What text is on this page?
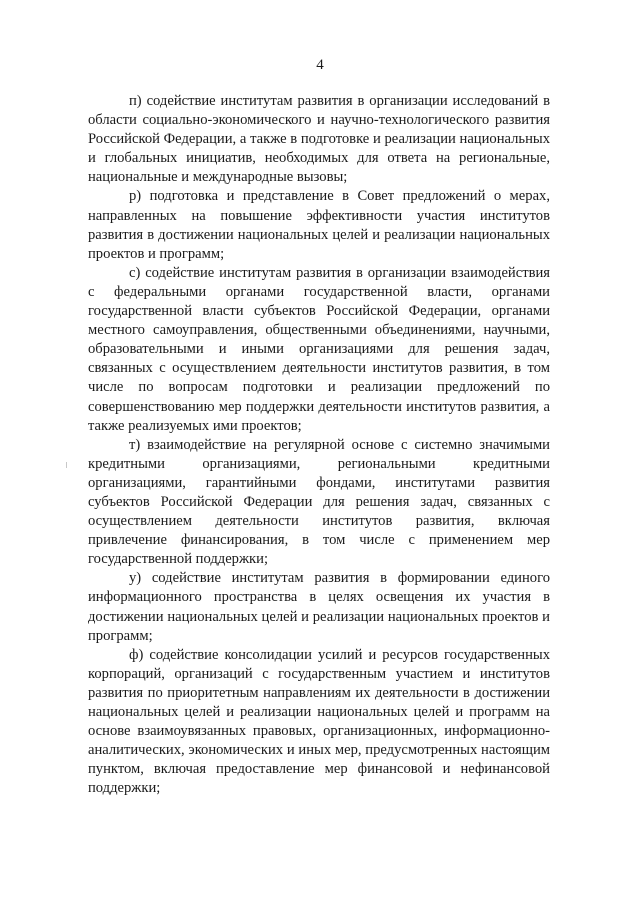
4

п) содействие институтам развития в организации исследований в области социально-экономического и научно-технологического развития Российской Федерации, а также в подготовке и реализации национальных и глобальных инициатив, необходимых для ответа на региональные, национальные и международные вызовы;

р) подготовка и представление в Совет предложений о мерах, направленных на повышение эффективности участия институтов развития в достижении национальных целей и реализации национальных проектов и программ;

с) содействие институтам развития в организации взаимодействия с федеральными органами государственной власти, органами государственной власти субъектов Российской Федерации, органами местного самоуправления, общественными объединениями, научными, образовательными и иными организациями для решения задач, связанных с осуществлением деятельности институтов развития, в том числе по вопросам подготовки и реализации предложений по совершенствованию мер поддержки деятельности институтов развития, а также реализуемых ими проектов;

т) взаимодействие на регулярной основе с системно значимыми кредитными организациями, региональными кредитными организациями, гарантийными фондами, институтами развития субъектов Российской Федерации для решения задач, связанных с осуществлением деятельности институтов развития, включая привлечение финансирования, в том числе с применением мер государственной поддержки;

у) содействие институтам развития в формировании единого информационного пространства в целях освещения их участия в достижении национальных целей и реализации национальных проектов и программ;

ф) содействие консолидации усилий и ресурсов государственных корпораций, организаций с государственным участием и институтов развития по приоритетным направлениям их деятельности в достижении национальных целей и реализации национальных целей и программ на основе взаимоувязанных правовых, организационных, информационно-аналитических, экономических и иных мер, предусмотренных настоящим пунктом, включая предоставление мер финансовой и нефинансовой поддержки;
